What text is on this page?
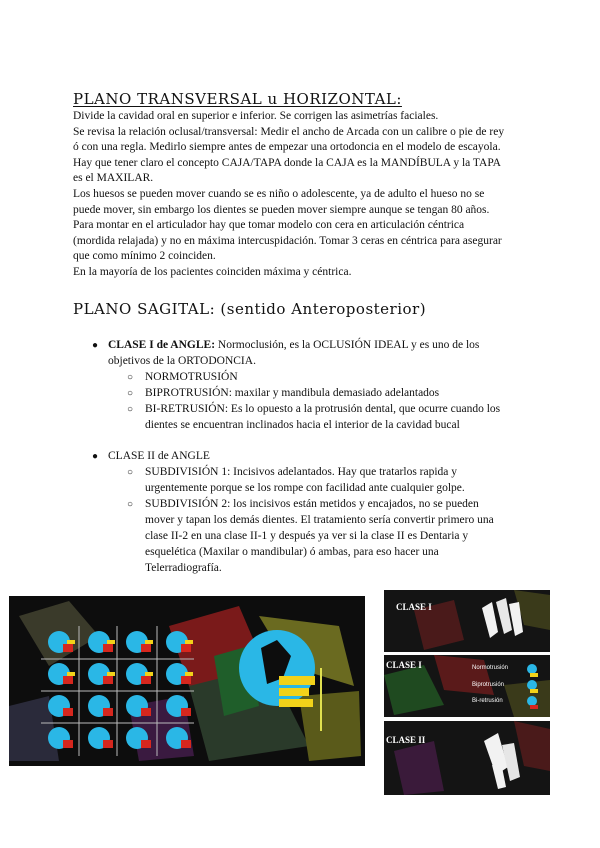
PLANO TRANSVERSAL u HORIZONTAL:
Divide la cavidad oral en superior e inferior. Se corrigen las asimetrías faciales.
Se revisa la relación oclusal/transversal: Medir el ancho de Arcada con un calibre o pie de rey
ó con una regla. Medirlo siempre antes de empezar una ortodoncia en el modelo de escayola.
Hay que tener claro el concepto CAJA/TAPA donde la CAJA es la MANDÍBULA y la TAPA
es el MAXILAR.
Los huesos se pueden mover cuando se es niño o adolescente, ya de adulto el hueso no se
puede mover, sin embargo los dientes se pueden mover siempre aunque se tengan 80 años.
Para montar en el articulador hay que tomar modelo con cera en articulación céntrica
(mordida relajada) y no en máxima intercuspidación. Tomar 3 ceras en céntrica para asegurar
que como mínimo 2 coinciden.
En la mayoría de los pacientes coinciden máxima y céntrica.
PLANO SAGITAL: (sentido Anteroposterior)
● CLASE I de ANGLE: Normoclusión, es la OCLUSIÓN IDEAL y es uno de los
objetivos de la ORTODONCIA.
○ NORMOTRUSIÓN
○ BIPROTRUSIÓN: maxilar y mandibula demasiado adelantados
○ BI-RETRUSIÓN: Es lo opuesto a la protrusión dental, que ocurre cuando los
dientes se encuentran inclinados hacia el interior de la cavidad bucal
● CLASE II de ANGLE
○ SUBDIVISIÓN 1: Incisivos adelantados. Hay que tratarlos rapida y
urgentemente porque se los rompe con facilidad ante cualquier golpe.
○ SUBDIVISIÓN 2: los incisivos están metidos y encajados, no se pueden
mover y tapan los demás dientes. El tratamiento sería convertir primero una
clase II-2 en una clase II-1 y después ya ver si la clase II es Dentaria y
esquelética (Maxilar o mandibular) ó ambas, para eso hacer una
Telerradiografía.
CLASE I
CLASE I	Normotrusión
Biprotrusión
Bi-retrusión
CLASE II
